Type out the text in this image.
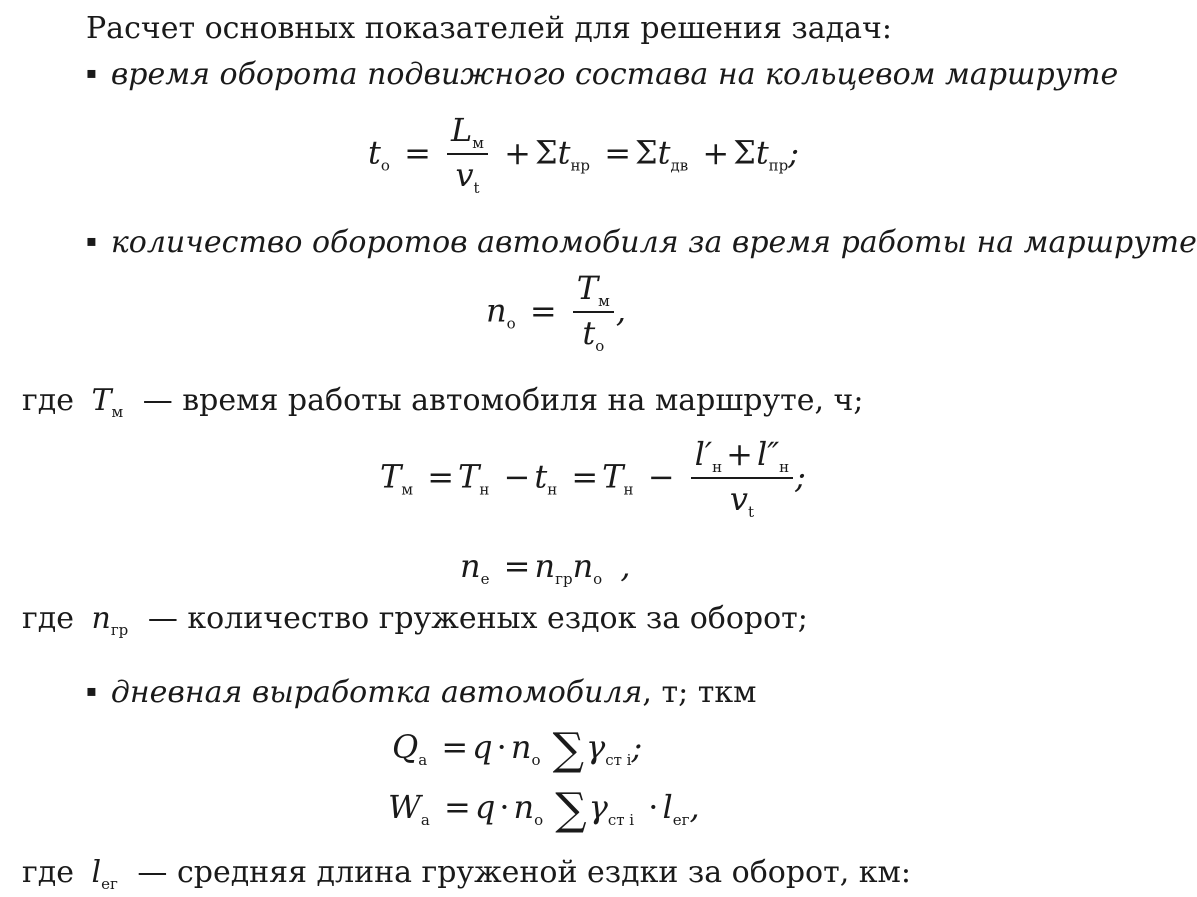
Расчет основных показателей для решения задач:
▪ время оборота подвижного состава на кольцевом маршруте
$t_o = \frac{L_м}{v_t} + \Sigma t_{нр} = \Sigma t_{дв} + \Sigma t_{пр}$;
▪ количество оборотов автомобиля за время работы на маршруте
$n_o = \frac{T_м}{t_o}$ ,
где $T_м$ — время работы автомобиля на маршруте, ч;
$T_м = T_н - t_н = T_н - \frac{l'_н + l''_н}{v_t}$ ;
$n_e = n_{гр}n_o$ ,
где $n_{гр}$ — количество груженых ездок за оборот;
▪ дневная выработка автомобиля, т; ткм
$Q_a = q \cdot n_o$ $\sum\gamma_{ст i}$;
$W_a = q \cdot n_o$ $\sum\gamma_{ст i} \cdot l_{ег}$,
где $l_{ег}$ — средняя длина груженой ездки за оборот, км:
